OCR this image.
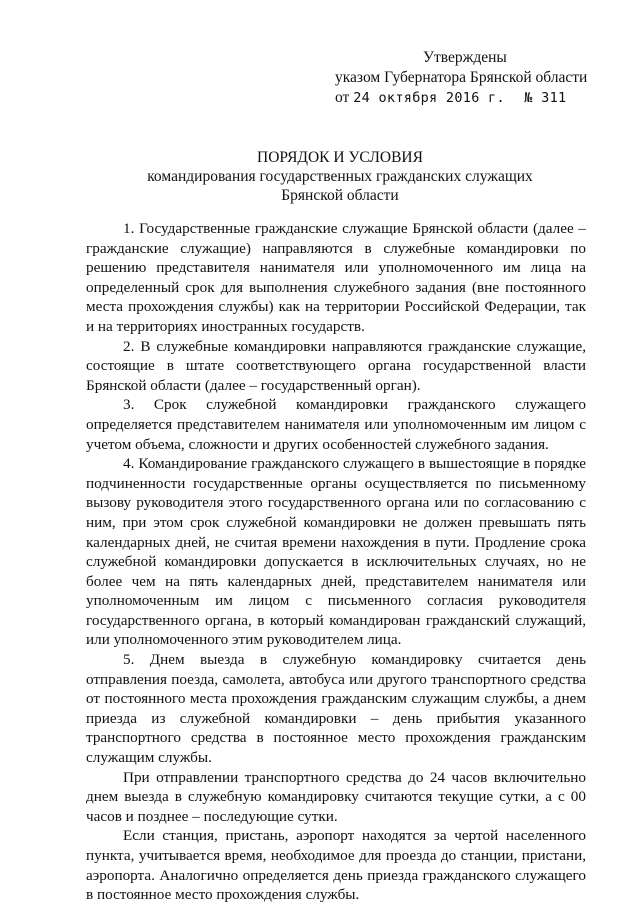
Утверждены
указом Губернатора Брянской области
от 24 октября 2016 г. № 311
ПОРЯДОК И УСЛОВИЯ
командирования государственных гражданских служащих
Брянской области

1. Государственные гражданские служащие Брянской области (далее – гражданские служащие) направляются в служебные командировки по решению представителя нанимателя или уполномоченного им лица на определенный срок для выполнения служебного задания (вне постоянного места прохождения службы) как на территории Российской Федерации, так и на территориях иностранных государств.

2. В служебные командировки направляются гражданские служащие, состоящие в штате соответствующего органа государственной власти Брянской области (далее – государственный орган).

3. Срок служебной командировки гражданского служащего определяется представителем нанимателя или уполномоченным им лицом с учетом объема, сложности и других особенностей служебного задания.

4. Командирование гражданского служащего в вышестоящие в порядке подчиненности государственные органы осуществляется по письменному вызову руководителя этого государственного органа или по согласованию с ним, при этом срок служебной командировки не должен превышать пять календарных дней, не считая времени нахождения в пути. Продление срока служебной командировки допускается в исключительных случаях, но не более чем на пять календарных дней, представителем нанимателя или уполномоченным им лицом с письменного согласия руководителя государственного органа, в который командирован гражданский служащий, или уполномоченного этим руководителем лица.

5. Днем выезда в служебную командировку считается день отправления поезда, самолета, автобуса или другого транспортного средства от постоянного места прохождения гражданским служащим службы, а днем приезда из служебной командировки – день прибытия указанного транспортного средства в постоянное место прохождения гражданским служащим службы.

При отправлении транспортного средства до 24 часов включительно днем выезда в служебную командировку считаются текущие сутки, а с 00 часов и позднее – последующие сутки.

Если станция, пристань, аэропорт находятся за чертой населенного пункта, учитывается время, необходимое для проезда до станции, пристани, аэропорта. Аналогично определяется день приезда гражданского служащего в постоянное место прохождения службы.
